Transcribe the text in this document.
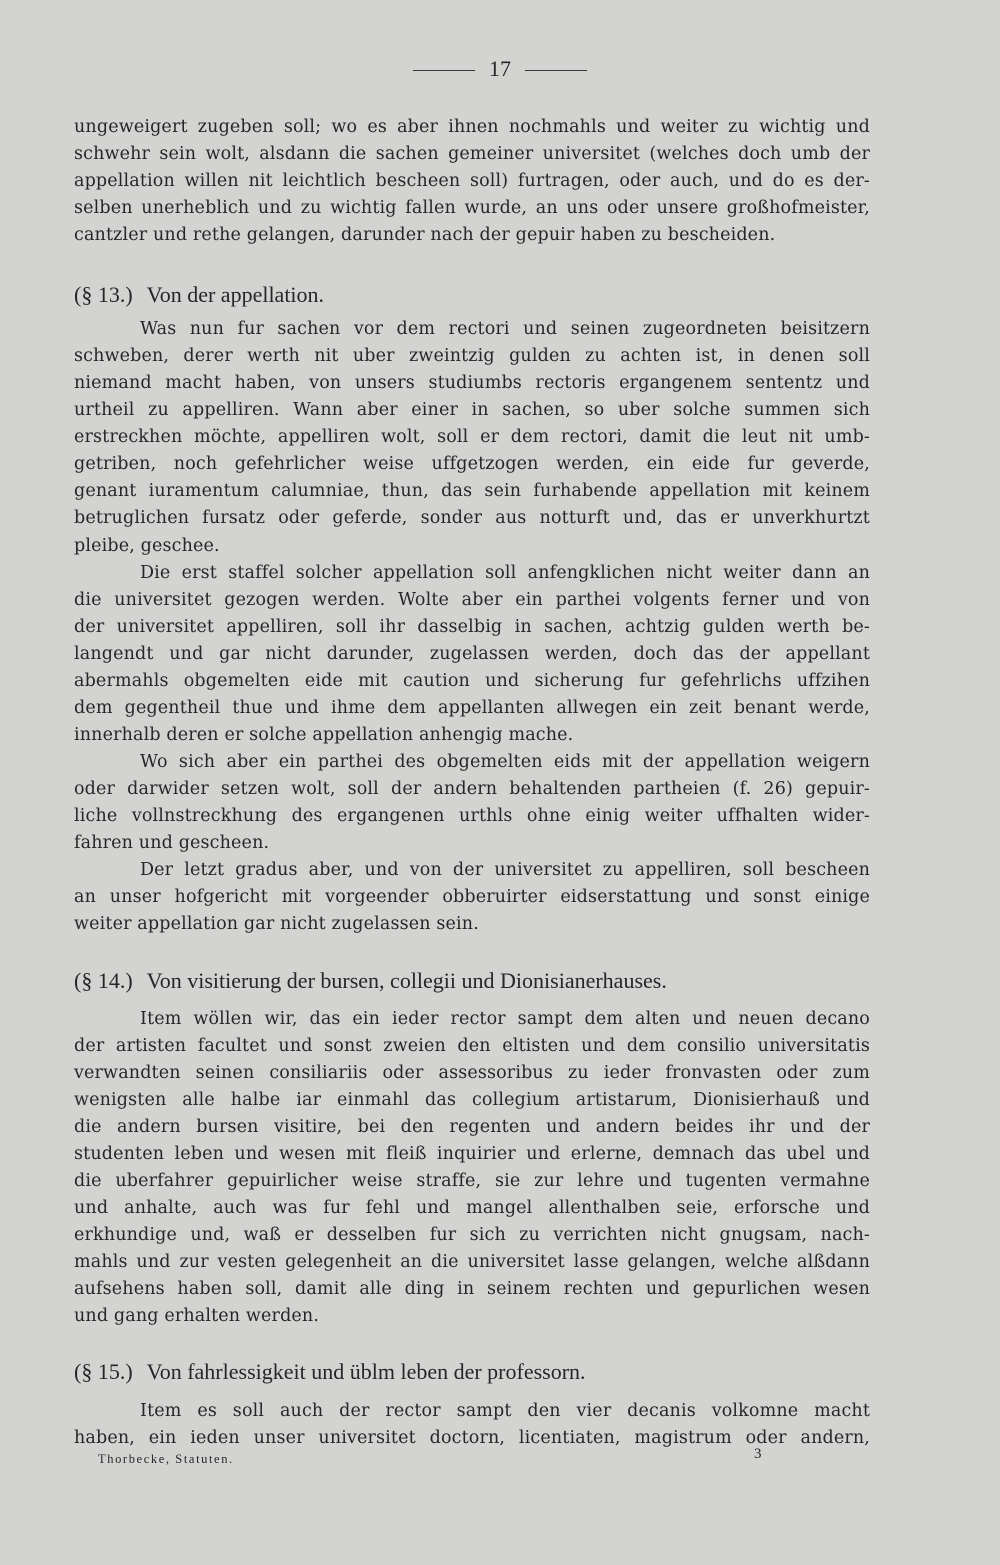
17
ungeweigert zugeben soll; wo es aber ihnen nochmahls und weiter zu wichtig und
schwehr sein wolt, alsdann die sachen gemeiner universitet (welches doch umb der
appellation willen nit leichtlich bescheen soll) furtragen, oder auch, und do es der-
selben unerheblich und zu wichtig fallen wurde, an uns oder unsere großhofmeister,
cantzler und rethe gelangen, darunder nach der gepuir haben zu bescheiden.
(§ 13.) Von der appellation.
Was nun fur sachen vor dem rectori und seinen zugeordneten beisitzern
schweben, derer werth nit uber zweintzig gulden zu achten ist, in denen soll
niemand macht haben, von unsers studiumbs rectoris ergangenem sententz und
urtheil zu appelliren. Wann aber einer in sachen, so uber solche summen sich
erstreckhen möchte, appelliren wolt, soll er dem rectori, damit die leut nit umb-
getriben, noch gefehrlicher weise uffgetzogen werden, ein eide fur geverde,
genant iuramentum calumniae, thun, das sein furhabende appellation mit keinem
betruglichen fursatz oder geferde, sonder aus notturft und, das er unverkhurtzt
pleibe, gescheе.
Die erst staffel solcher appellation soll anfengklichen nicht weiter dann an
die universitet gezogen werden. Wolte aber ein parthei volgents ferner und von
der universitet appelliren, soll ihr dasselbig in sachen, achtzig gulden werth be-
langendt und gar nicht darunder, zugelassen werden, doch das der appellant
abermahls obgemelten eide mit caution und sicherung fur gefehrlichs uffzihen
dem gegentheil thue und ihme dem appellanten allwegen ein zeit benant werde,
innerhalb deren er solche appellation anhengig mache.
Wo sich aber ein parthei des obgemelten eids mit der appellation weigern
oder darwider setzen wolt, soll der andern behaltenden partheien (f. 26) gepuir-
liche vollnstreckhung des ergangenen urthls ohne einig weiter uffhalten wider-
fahren und gescheen.
Der letzt gradus aber, und von der universitet zu appelliren, soll bescheen
an unser hofgericht mit vorgeender obberuirter eidserstattung und sonst einige
weiter appellation gar nicht zugelassen sein.
(§ 14.) Von visitierung der bursen, collegii und Dionisianerhauses.
Item wöllen wir, das ein ieder rector sampt dem alten und neuen decano
der artisten facultet und sonst zweien den eltisten und dem consilio universitatis
verwandten seinen consiliariis oder assessoribus zu ieder fronvasten oder zum
wenigsten alle halbe iar einmahl das collegium artistarum, Dionisierhauß und
die andern bursen visitire, bei den regenten und andern beides ihr und der
studenten leben und wesen mit fleiß inquirier und erlerne, demnach das ubel und
die uberfahrer gepuirlicher weise straffe, sie zur lehre und tugenten vermahne
und anhalte, auch was fur fehl und mangel allenthalben seie, erforsche und
erkhundige und, waß er desselben fur sich zu verrichten nicht gnugsam, nach-
mahls und zur vesten gelegenheit an die universitet lasse gelangen, welche alßdann
aufsehens haben soll, damit alle ding in seinem rechten und gepurlichen wesen
und gang erhalten werden.
(§ 15.) Von fahrlessigkeit und üblm leben der professorn.
Item es soll auch der rector sampt den vier decanis volkomne macht
haben, ein ieden unser universitet doctorn, licentiaten, magistrum oder andern,
Thorbecke, Statuten.	3
